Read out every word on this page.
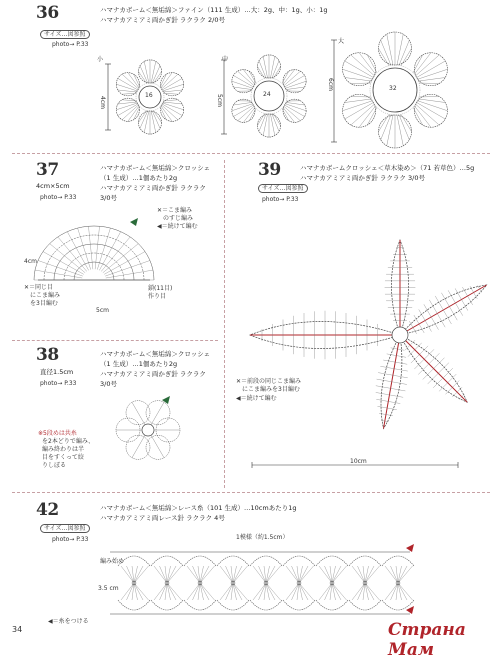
36	ハマナカボーム＜無垢綿＞ファイン（111 生成）…大：2g、中：1g、小：1g
ハマナカアミアミ両かぎ針 ラクラク 2/0号
サイズ…図参照
photo→ P.33
小	中
大
16	24
32
4cm	5cm
6cm
37
4cm×5cm
photo→ P.33
ハマナカボーム＜無垢綿＞クロッシェ
（1 生成）…1個あたり2g
ハマナカアミアミ両かぎ針 ラクラク
3/0号
✕＝こま編み
のすじ編み
◀＝続けて編む
鎖(11目)
作り目
✕＝同じ目
にこま編み
を3目編む
4cm
5cm
38
直径1.5cm
photo→ P.33
ハマナカボーム＜無垢綿＞クロッシェ
（1 生成）…1個あたり2g
ハマナカアミアミ両かぎ針 ラクラク
3/0号
※5段めは共糸
を2本どりで編み、
編み終わりは半
目をすくって絞
りしぼる
39	ハマナカボームクロッシェ＜草木染め＞（71 若草色）…5g
ハマナカアミアミ両かぎ針 ラクラク 3/0号
サイズ…図参照
photo→ P.33
✕＝前段の同じこま編み
にこま編みを3目編む
◀＝続けて編む
10cm
42	ハマナカボーム＜無垢綿＞レース糸（101 生成）…10cmあたり1g
ハマナカアミアミ両レース針 ラクラク 4号
サイズ…図参照
photo→ P.33	1模様（約1.5cm）
編み始め
3.5 cm
◀＝糸をつける
34	Страна Мам
